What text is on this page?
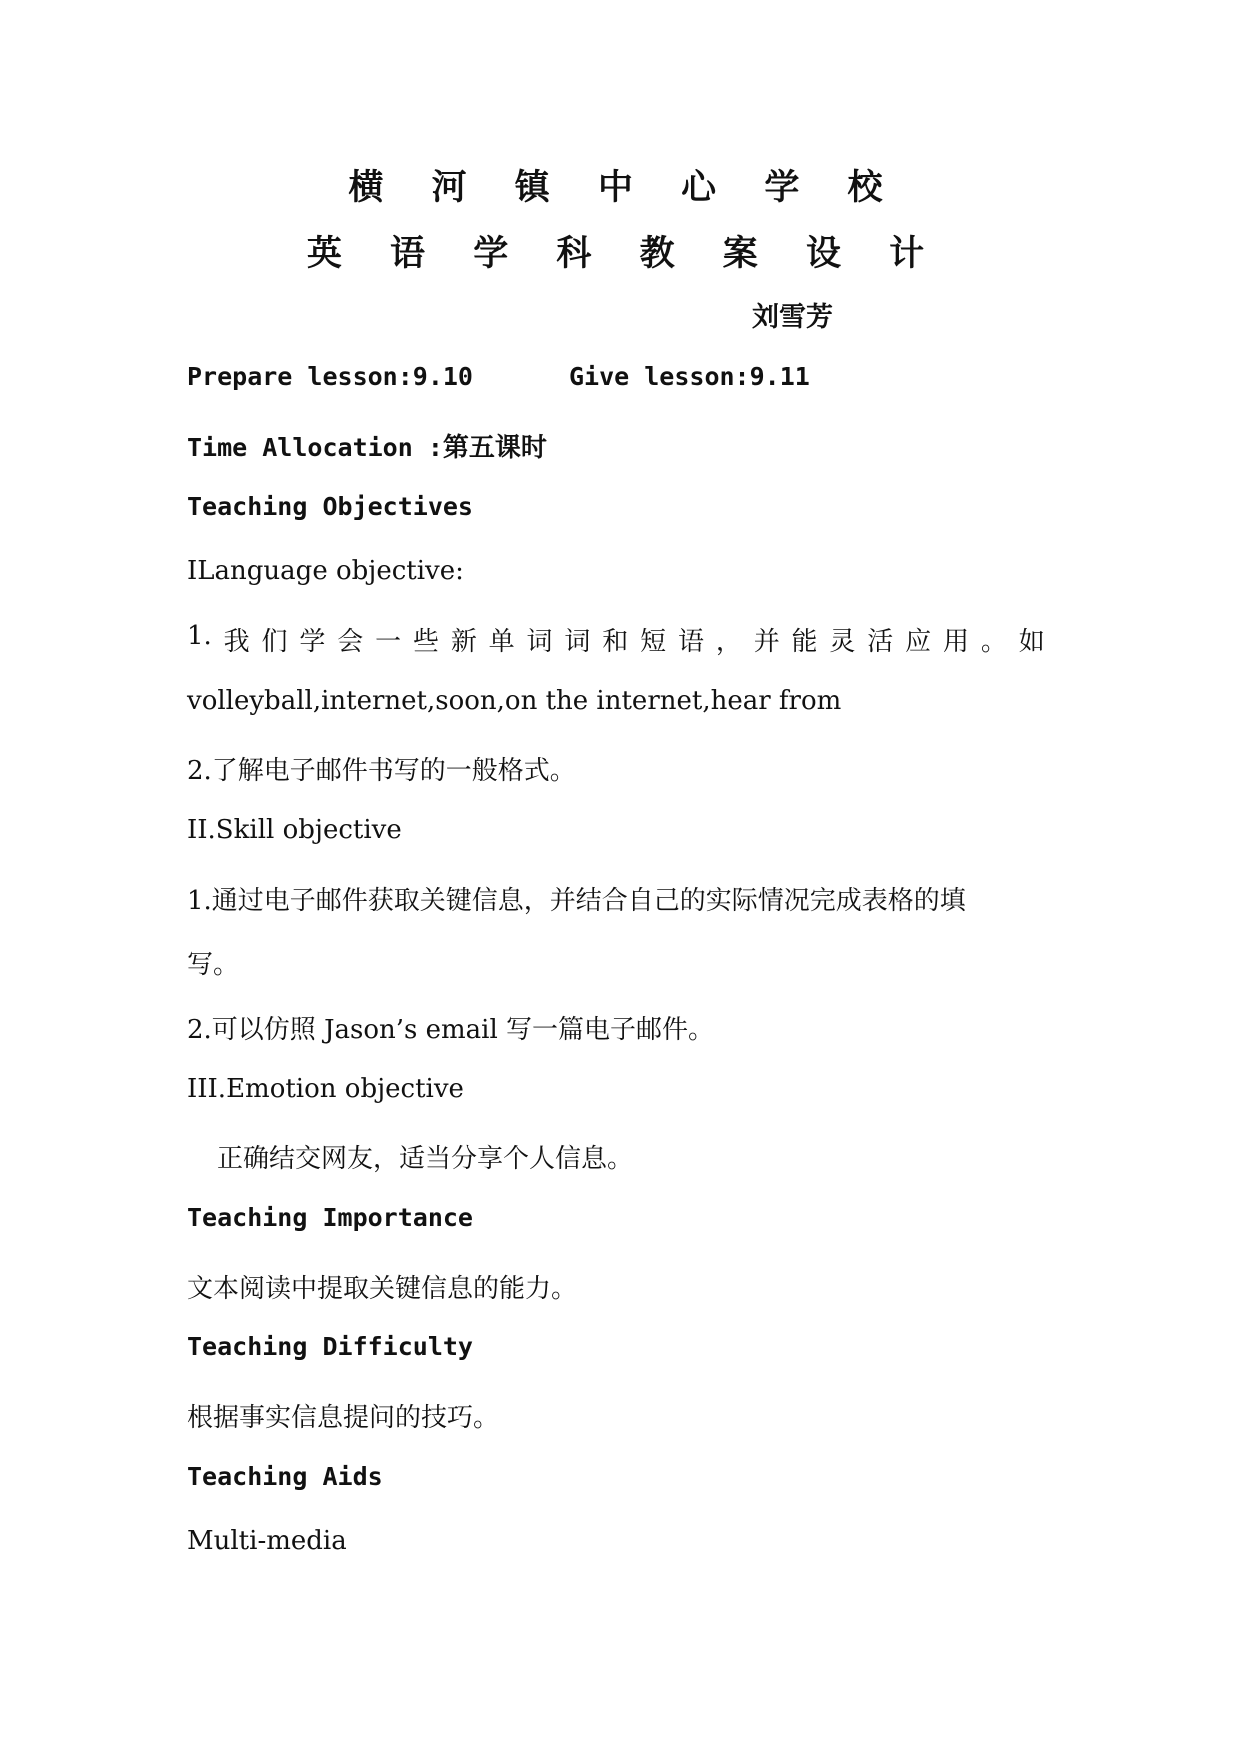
横 河 镇 中 心 学 校
英 语 学 科 教 案 设 计
刘雪芳
Prepare lesson:9.10	Give lesson:9.11
Time Allocation :第五课时
Teaching Objectives
ⅠLanguage objective:
1. 我 们 学 会 一 些 新 单 词 词 和 短 语 ， 并 能 灵 活 应 用 。 如
volleyball,internet,soon,on the internet,hear from
2.了解电子邮件书写的一般格式。
II.Skill objective
1.通过电子邮件获取关键信息，并结合自己的实际情况完成表格的填
写。
2.可以仿照 Jason’s email 写一篇电子邮件。
III.Emotion objective
正确结交网友，适当分享个人信息。
Teaching Importance
文本阅读中提取关键信息的能力。
Teaching Difficulty
根据事实信息提问的技巧。
Teaching Aids
Multi-media
